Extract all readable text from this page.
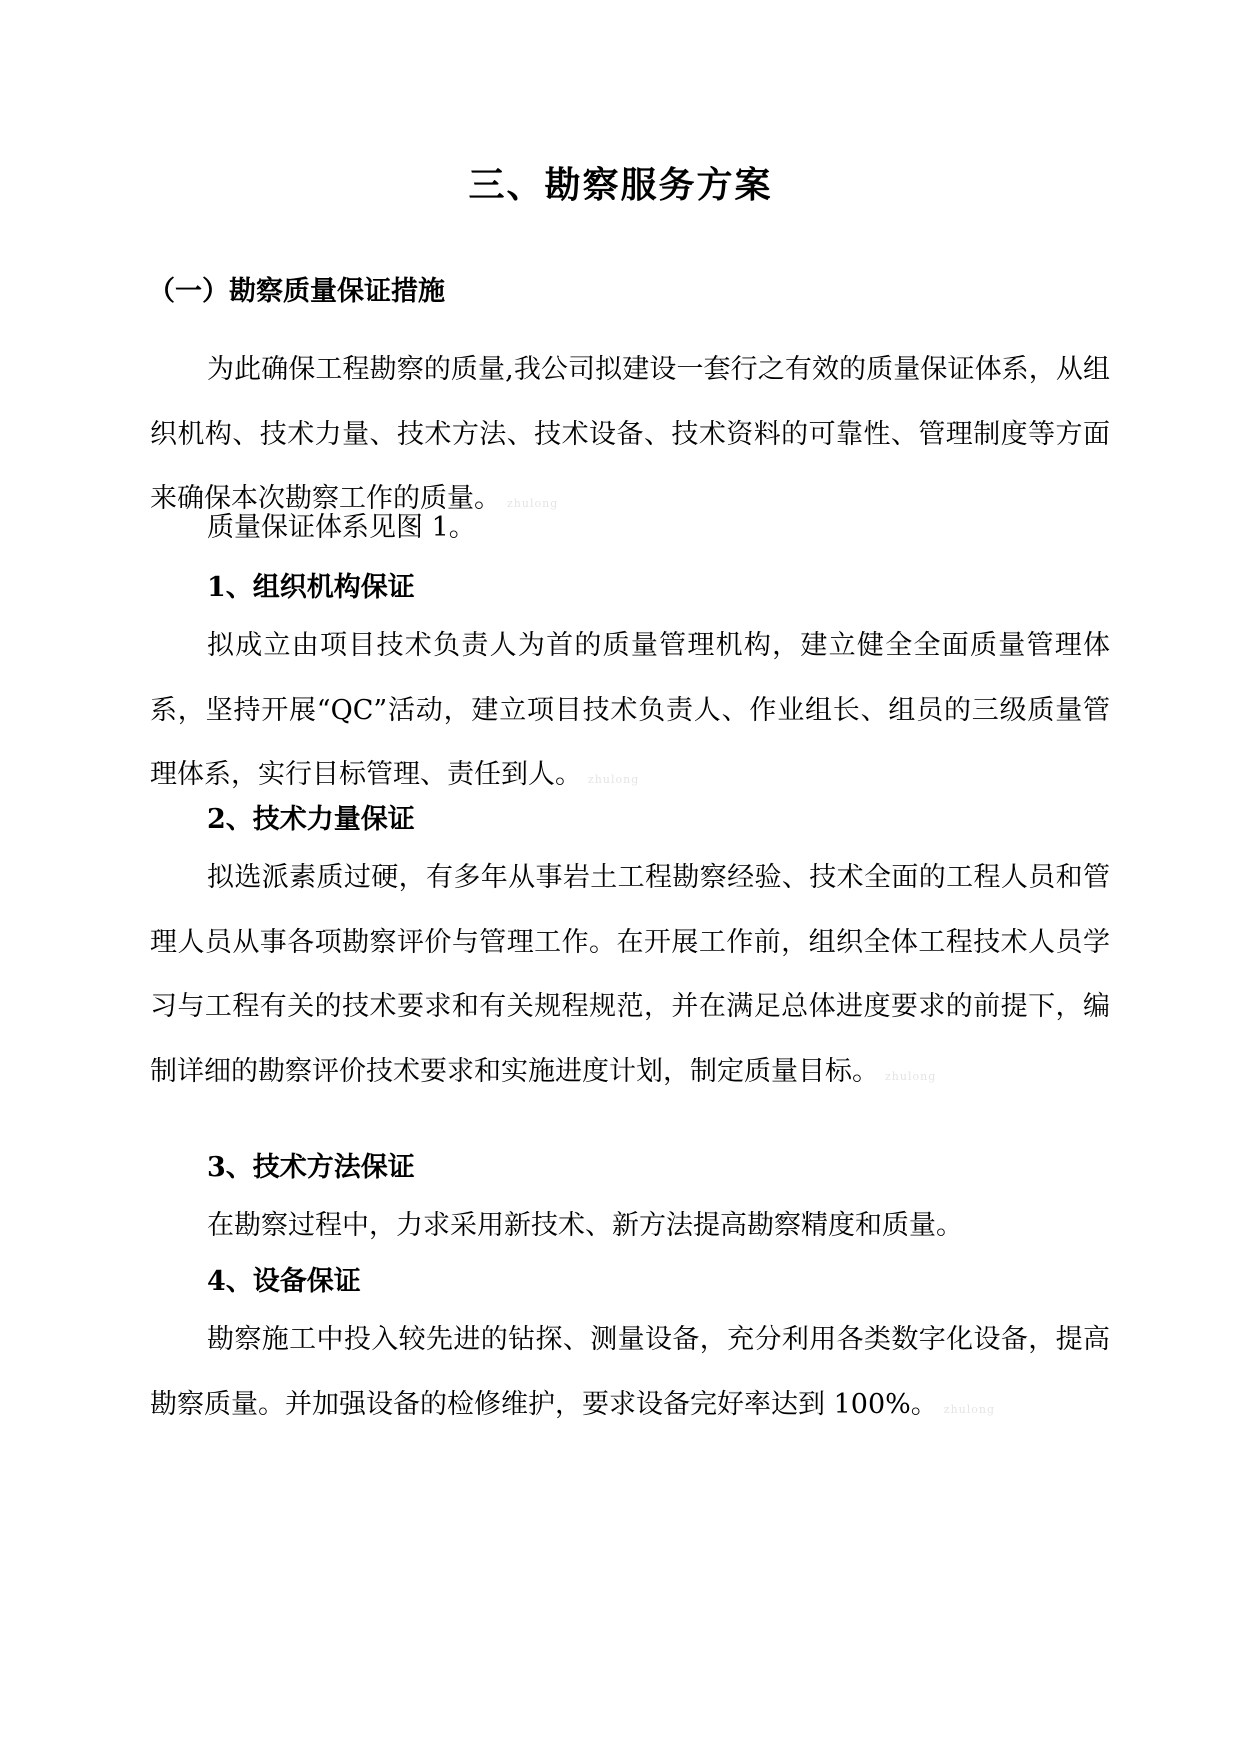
三、勘察服务方案
（一）勘察质量保证措施

为此确保工程勘察的质量,我公司拟建设一套行之有效的质量保证体系，从组织机构、技术力量、技术方法、技术设备、技术资料的可靠性、管理制度等方面来确保本次勘察工作的质量。 zhulong

质量保证体系见图 1。

1、组织机构保证

拟成立由项目技术负责人为首的质量管理机构，建立健全全面质量管理体系，坚持开展“QC”活动，建立项目技术负责人、作业组长、组员的三级质量管理体系，实行目标管理、责任到人。 zhulong

2、技术力量保证

拟选派素质过硬，有多年从事岩土工程勘察经验、技术全面的工程人员和管理人员从事各项勘察评价与管理工作。在开展工作前，组织全体工程技术人员学习与工程有关的技术要求和有关规程规范，并在满足总体进度要求的前提下，编制详细的勘察评价技术要求和实施进度计划，制定质量目标。 zhulong

3、技术方法保证

在勘察过程中，力求采用新技术、新方法提高勘察精度和质量。

4、设备保证

勘察施工中投入较先进的钻探、测量设备，充分利用各类数字化设备，提高勘察质量。并加强设备的检修维护，要求设备完好率达到 100%。 zhulong
